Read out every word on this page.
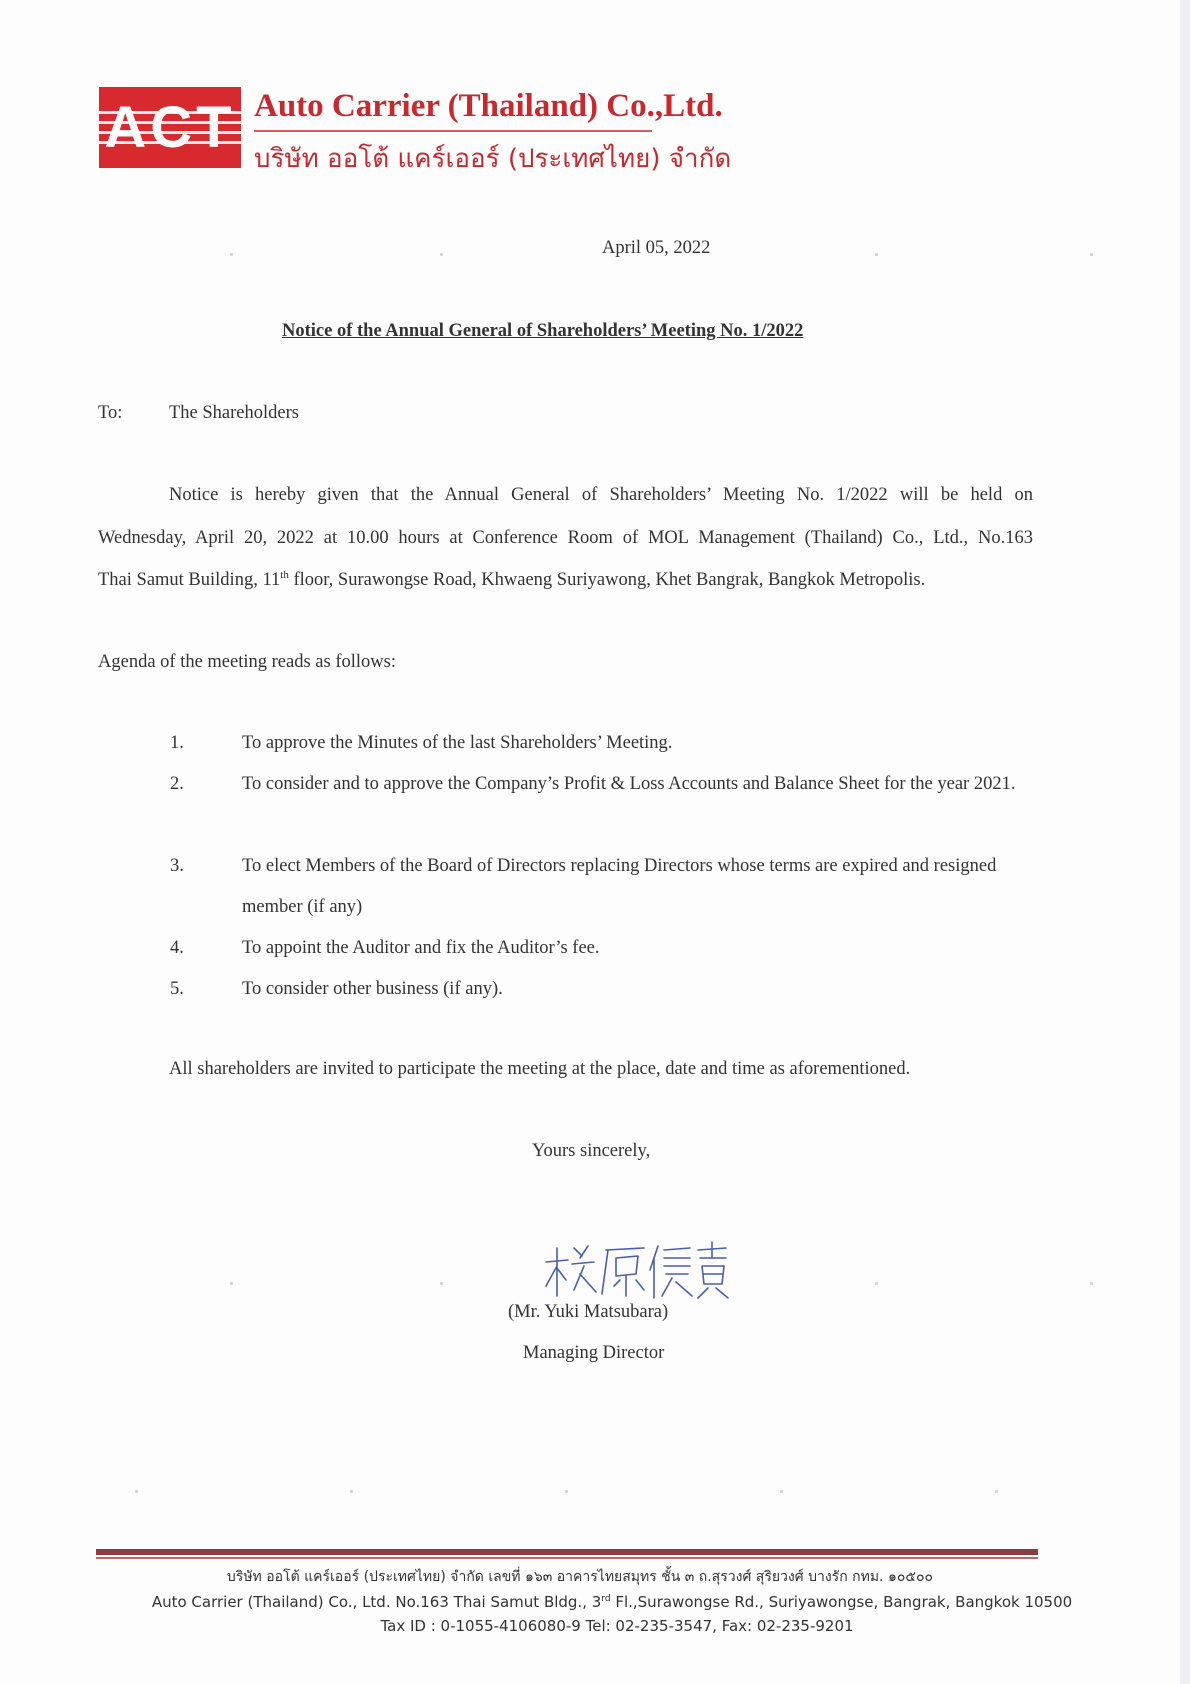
ACT Auto Carrier (Thailand) Co.,Ltd.
บริษัท ออโต้ แคร์เออร์ (ประเทศไทย) จำกัด
April 05, 2022
Notice of the Annual General of Shareholders’ Meeting No. 1/2022
To:	The Shareholders

Notice is hereby given that the Annual General of Shareholders’ Meeting No. 1/2022 will be held on

Wednesday, April 20, 2022 at 10.00 hours at Conference Room of MOL Management (Thailand) Co., Ltd., No.163

Thai Samut Building, 11th floor, Surawongse Road, Khwaeng Suriyawong, Khet Bangrak, Bangkok Metropolis.

Agenda of the meeting reads as follows:
1.	To approve the Minutes of the last Shareholders’ Meeting.
2.	To consider and to approve the Company’s Profit & Loss Accounts and Balance Sheet for the year 2021.
3.	To elect Members of the Board of Directors replacing Directors whose terms are expired and resigned member (if any)
4.	To appoint the Auditor and fix the Auditor’s fee.
5.	To consider other business (if any).
All shareholders are invited to participate the meeting at the place, date and time as aforementioned.
Yours sincerely,
(Mr. Yuki Matsubara)
Managing Director
บริษัท ออโต้ แคร์เออร์ (ประเทศไทย) จำกัด เลขที่ ๑๖๓ อาคารไทยสมุทร ชั้น ๓ ถ.สุรวงศ์ สุริยวงศ์ บางรัก กทม. ๑๐๕๐๐
Auto Carrier (Thailand) Co., Ltd. No.163 Thai Samut Bldg., 3rd Fl.,Surawongse Rd., Suriyawongse, Bangrak, Bangkok 10500
Tax ID : 0-1055-4106080-9 Tel: 02-235-3547, Fax: 02-235-9201
